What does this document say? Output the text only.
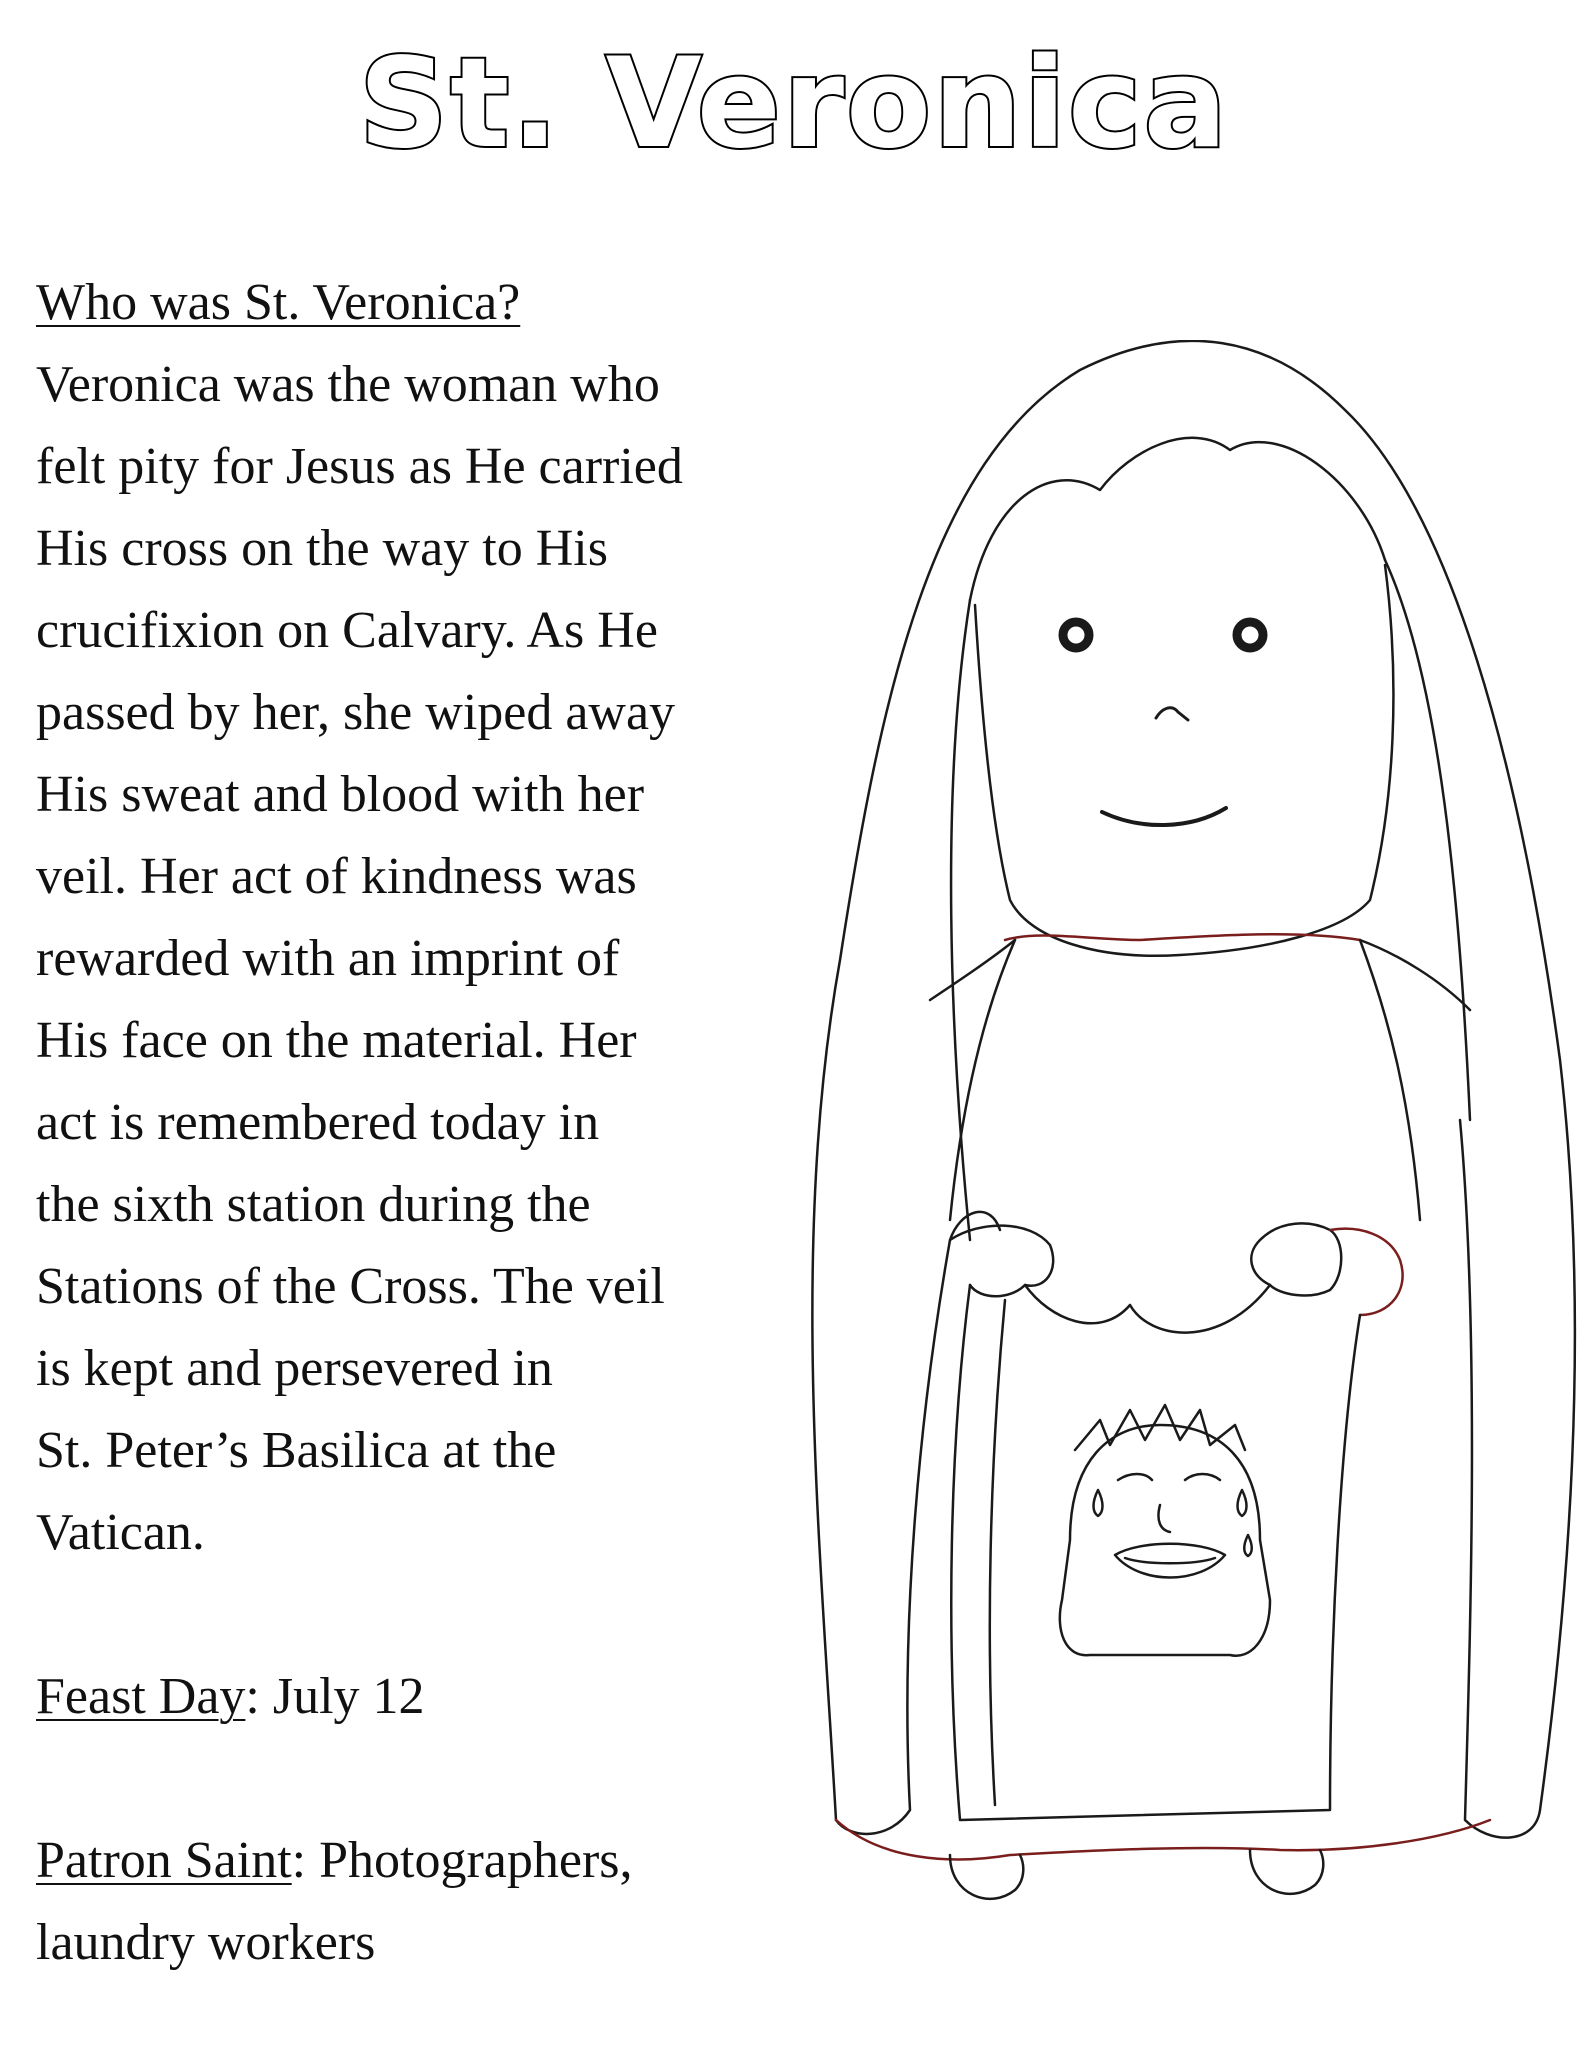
St. Veronica

Who was St. Veronica?

Veronica was the woman who

felt pity for Jesus as He carried

His cross on the way to His

crucifixion on Calvary. As He

passed by her, she wiped away

His sweat and blood with her

veil. Her act of kindness was

rewarded with an imprint of

His face on the material. Her

act is remembered today in

the sixth station during the

Stations of the Cross. The veil

is kept and persevered in

St. Peter’s Basilica at the

Vatican.

Feast Day: July 12

Patron Saint: Photographers,

laundry workers
